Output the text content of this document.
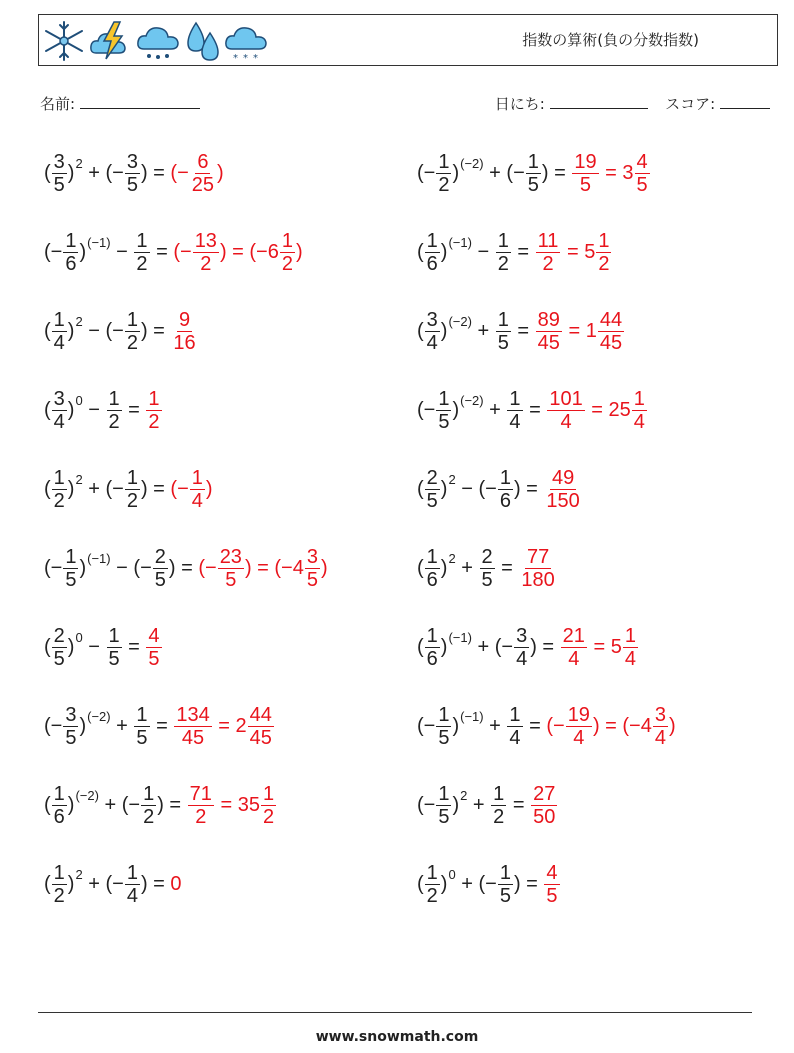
* * *
指数の算術(負の分数指数)
名前:	日にち:	スコア:
( $\frac{3}{5}$ ) 2 + (− $\frac{3}{5}$ ) = (− $\frac{6}{25}$ )	(− $\frac{1}{2}$ ) (−2) + (− $\frac{1}{5}$ ) = $\frac{19}{5} = 3 \frac{4}{5}$
(− $\frac{1}{6}$ ) $(-1) - \frac{1}{2}$ = (− $\frac{13}{2}$ ) = ($-6 \frac{1}{2}$ )	( $\frac{1}{6}$ ) $(-1) - \frac{1}{2} = \frac{11}{2} = 5 \frac{1}{2}$
( $\frac{1}{4}$ ) 2 − (− $\frac{1}{2}$ ) = $\frac{9}{16}$	( $\frac{3}{4}$ ) $(-2) + \frac{1}{5} = \frac{89}{45} = 1 \frac{44}{45}$
( $\frac{3}{4}$ ) $0 - \frac{1}{2} = \frac{1}{2}$	(− $\frac{1}{5}$ ) $(-2) + \frac{1}{4} = \frac{101}{4} = 25 \frac{1}{4}$
( $\frac{1}{2}$ ) 2 + (− $\frac{1}{2}$ ) = (− $\frac{1}{4}$ )	( $\frac{2}{5}$ ) 2 − (− $\frac{1}{6}$ ) = $\frac{49}{150}$
(− $\frac{1}{5}$ ) (−1) − (− $\frac{2}{5}$ ) = (− $\frac{23}{5}$ ) = ($-4 \frac{3}{5}$ )	( $\frac{1}{6}$ ) $2 + \frac{2}{5} = \frac{77}{180}$
( $\frac{2}{5}$ ) $0 - \frac{1}{5} = \frac{4}{5}$	( $\frac{1}{6}$ ) (−1) + (− $\frac{3}{4}$ ) = $\frac{21}{4} = 5 \frac{1}{4}$
(− $\frac{3}{5}$ ) $(-2) + \frac{1}{5} = \frac{134}{45} = 2 \frac{44}{45}$	(− $\frac{1}{5}$ ) $(-1) + \frac{1}{4}$ = (− $\frac{19}{4}$ ) = ($-4 \frac{3}{4}$ )
( $\frac{1}{6}$ ) (−2) + (− $\frac{1}{2}$ ) = $\frac{71}{2} = 35 \frac{1}{2}$	(− $\frac{1}{5}$ ) $2 + \frac{1}{2} = \frac{27}{50}$
( $\frac{1}{2}$ ) 2 + (− $\frac{1}{4}$ ) = 0	( $\frac{1}{2}$ ) 0 + (− $\frac{1}{5}$ ) = $\frac{4}{5}$
www.snowmath.com
